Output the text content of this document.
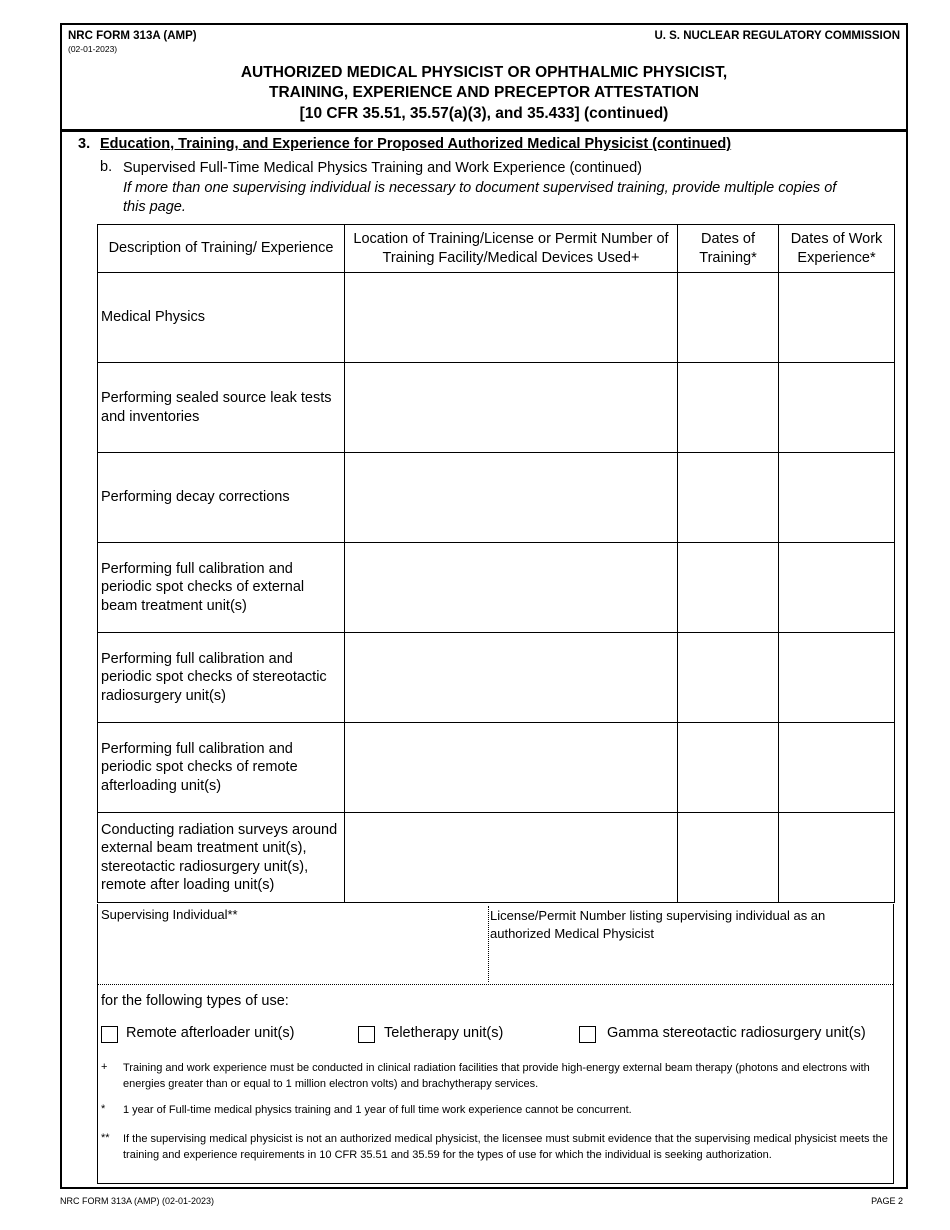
NRC FORM 313A (AMP)
(02-01-2023)
U. S. NUCLEAR REGULATORY COMMISSION
AUTHORIZED MEDICAL PHYSICIST OR OPHTHALMIC PHYSICIST,
TRAINING, EXPERIENCE AND PRECEPTOR ATTESTATION
[10 CFR 35.51, 35.57(a)(3), and 35.433] (continued)
3. Education, Training, and Experience for Proposed Authorized Medical Physicist (continued)
b. Supervised Full-Time Medical Physics Training and Work Experience (continued)
If more than one supervising individual is necessary to document supervised training, provide multiple copies of this page.
Description of Training/ Experience	Location of Training/License or Permit Number of Training Facility/Medical Devices Used+	Dates of Training*	Dates of Work Experience*
Medical Physics			
Performing sealed source leak tests and inventories			
Performing decay corrections			
Performing full calibration and periodic spot checks of external beam treatment unit(s)			
Performing full calibration and periodic spot checks of stereotactic radiosurgery unit(s)			
Performing full calibration and periodic spot checks of remote afterloading unit(s)			
Conducting radiation surveys around external beam treatment unit(s), stereotactic radiosurgery unit(s), remote after loading unit(s)			
Supervising Individual**	License/Permit Number listing supervising individual as an authorized Medical Physicist
for the following types of use:
Remote afterloader unit(s)	Teletherapy unit(s)	Gamma stereotactic radiosurgery unit(s)
+ Training and work experience must be conducted in clinical radiation facilities that provide high-energy external beam therapy (photons and electrons with energies greater than or equal to 1 million electron volts) and brachytherapy services.
* 1 year of Full-time medical physics training and 1 year of full time work experience cannot be concurrent.
** If the supervising medical physicist is not an authorized medical physicist, the licensee must submit evidence that the supervising medical physicist meets the training and experience requirements in 10 CFR 35.51 and 35.59 for the types of use for which the individual is seeking authorization.
NRC FORM 313A (AMP) (02-01-2023)	PAGE 2
